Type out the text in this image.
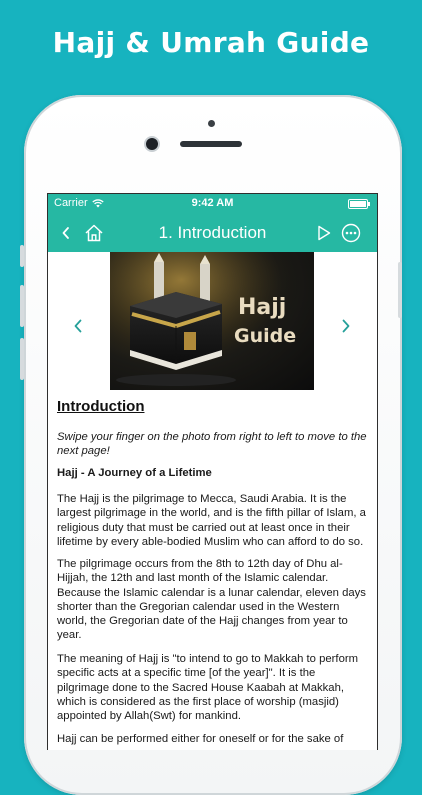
Hajj & Umrah Guide
Carrier	9:42 AM
1. Introduction
Hajj
Guide
Introduction

Swipe your finger on the photo from right to left to move to the next page!

Hajj - A Journey of a Lifetime

The Hajj is the pilgrimage to Mecca, Saudi Arabia. It is the largest pilgrimage in the world, and is the fifth pillar of Islam, a religious duty that must be carried out at least once in their lifetime by every able-bodied Muslim who can afford to do so.

The pilgrimage occurs from the 8th to 12th day of Dhu al-Hijjah, the 12th and last month of the Islamic calendar. Because the Islamic calendar is a lunar calendar, eleven days shorter than the Gregorian calendar used in the Western world, the Gregorian date of the Hajj changes from year to year.

The meaning of Hajj is "to intend to go to Makkah to perform specific acts at a specific time [of the year]". It is the pilgrimage done to the Sacred House Kaabah at Makkah, which is considered as the first place of worship (masjid) appointed by Allah(Swt) for mankind.

Hajj can be performed either for oneself or for the sake of
